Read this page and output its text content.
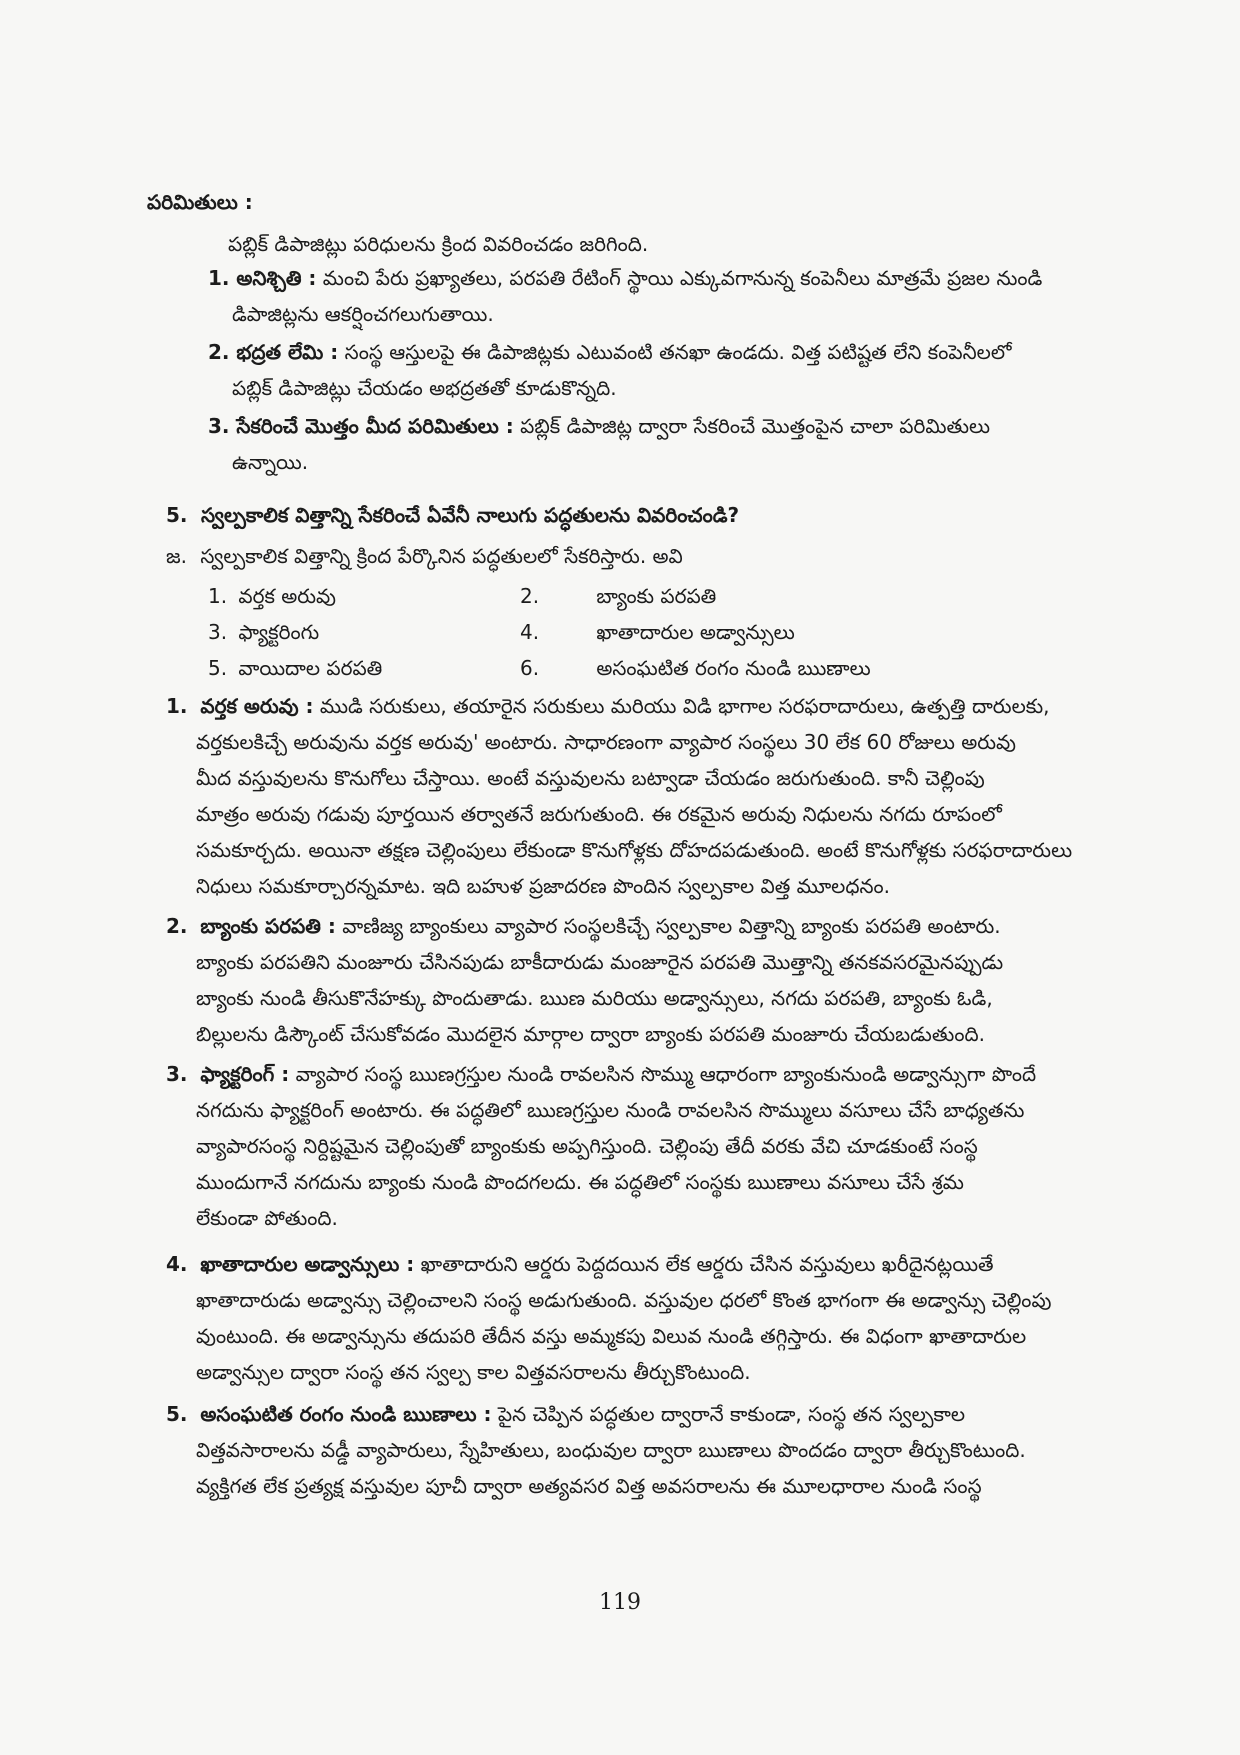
పరిమితులు :
పబ్లిక్ డిపాజిట్లు పరిధులను క్రింద వివరించడం జరిగింది.
1. అనిశ్చితి : మంచి పేరు ప్రఖ్యాతలు, పరపతి రేటింగ్ స్థాయి ఎక్కువగానున్న కంపెనీలు మాత్రమే ప్రజల నుండి
డిపాజిట్లను ఆకర్షించగలుగుతాయి.
2. భద్రత లేమి : సంస్థ ఆస్తులపై ఈ డిపాజిట్లకు ఎటువంటి తనఖా ఉండదు. విత్త పటిష్టత లేని కంపెనీలలో
పబ్లిక్ డిపాజిట్లు చేయడం అభద్రతతో కూడుకొన్నది.
3. సేకరించే మొత్తం మీద పరిమితులు : పబ్లిక్ డిపాజిట్ల ద్వారా సేకరించే మొత్తంపైన చాలా పరిమితులు
ఉన్నాయి.
5. స్వల్పకాలిక విత్తాన్ని సేకరించే ఏవేనీ నాలుగు పద్ధతులను వివరించండి?
జ. స్వల్పకాలిక విత్తాన్ని క్రింద పేర్కొనిన పద్ధతులలో సేకరిస్తారు. అవి
1. వర్తక అరువు	2.	బ్యాంకు పరపతి
3. ఫ్యాక్టరింగు	4.	ఖాతాదారుల అడ్వాన్సులు
5. వాయిదాల పరపతి	6.	అసంఘటిత రంగం నుండి ఋణాలు
1. వర్తక అరువు : ముడి సరుకులు, తయారైన సరుకులు మరియు విడి భాగాల సరఫరాదారులు, ఉత్పత్తి దారులకు,
వర్తకులకిచ్చే అరువును వర్తక అరువు' అంటారు. సాధారణంగా వ్యాపార సంస్థలు 30 లేక 60 రోజులు అరువు
మీద వస్తువులను కొనుగోలు చేస్తాయి. అంటే వస్తువులను బట్వాడా చేయడం జరుగుతుంది. కానీ చెల్లింపు
మాత్రం అరువు గడువు పూర్తయిన తర్వాతనే జరుగుతుంది. ఈ రకమైన అరువు నిధులను నగదు రూపంలో
సమకూర్చదు. అయినా తక్షణ చెల్లింపులు లేకుండా కొనుగోళ్లకు దోహదపడుతుంది. అంటే కొనుగోళ్లకు సరఫరాదారులు
నిధులు సమకూర్చారన్నమాట. ఇది బహుళ ప్రజాదరణ పొందిన స్వల్పకాల విత్త మూలధనం.
2. బ్యాంకు పరపతి : వాణిజ్య బ్యాంకులు వ్యాపార సంస్థలకిచ్చే స్వల్పకాల విత్తాన్ని బ్యాంకు పరపతి అంటారు.
బ్యాంకు పరపతిని మంజూరు చేసినపుడు బాకీదారుడు మంజూరైన పరపతి మొత్తాన్ని తనకవసరమైనప్పుడు
బ్యాంకు నుండి తీసుకొనేహక్కు పొందుతాడు. ఋణ మరియు అడ్వాన్సులు, నగదు పరపతి, బ్యాంకు ఓడి,
బిల్లులను డిస్కౌంట్ చేసుకోవడం మొదలైన మార్గాల ద్వారా బ్యాంకు పరపతి మంజూరు చేయబడుతుంది.
3. ఫ్యాక్టరింగ్ : వ్యాపార సంస్థ ఋణగ్రస్తుల నుండి రావలసిన సొమ్ము ఆధారంగా బ్యాంకునుండి అడ్వాన్సుగా పొందే
నగదును ఫ్యాక్టరింగ్ అంటారు. ఈ పద్ధతిలో ఋణగ్రస్తుల నుండి రావలసిన సొమ్ములు వసూలు చేసే బాధ్యతను
వ్యాపారసంస్థ నిర్దిష్టమైన చెల్లింపుతో బ్యాంకుకు అప్పగిస్తుంది. చెల్లింపు తేదీ వరకు వేచి చూడకుంటే సంస్థ
ముందుగానే నగదును బ్యాంకు నుండి పొందగలదు. ఈ పద్ధతిలో సంస్థకు ఋణాలు వసూలు చేసే శ్రమ
లేకుండా పోతుంది.
4. ఖాతాదారుల అడ్వాన్సులు : ఖాతాదారుని ఆర్డరు పెద్దదయిన లేక ఆర్డరు చేసిన వస్తువులు ఖరీదైనట్లయితే
ఖాతాదారుడు అడ్వాన్సు చెల్లించాలని సంస్థ అడుగుతుంది. వస్తువుల ధరలో కొంత భాగంగా ఈ అడ్వాన్సు చెల్లింపు
వుంటుంది. ఈ అడ్వాన్సును తదుపరి తేదీన వస్తు అమ్మకపు విలువ నుండి తగ్గిస్తారు. ఈ విధంగా ఖాతాదారుల
అడ్వాన్సుల ద్వారా సంస్థ తన స్వల్ప కాల విత్తవసరాలను తీర్చుకొంటుంది.
5. అసంఘటిత రంగం నుండి ఋణాలు : పైన చెప్పిన పద్ధతుల ద్వారానే కాకుండా, సంస్థ తన స్వల్పకాల
విత్తవసారాలను వడ్డీ వ్యాపారులు, స్నేహితులు, బంధువుల ద్వారా ఋణాలు పొందడం ద్వారా తీర్చుకొంటుంది.
వ్యక్తిగత లేక ప్రత్యక్ష వస్తువుల పూచీ ద్వారా అత్యవసర విత్త అవసరాలను ఈ మూలధారాల నుండి సంస్థ
119
